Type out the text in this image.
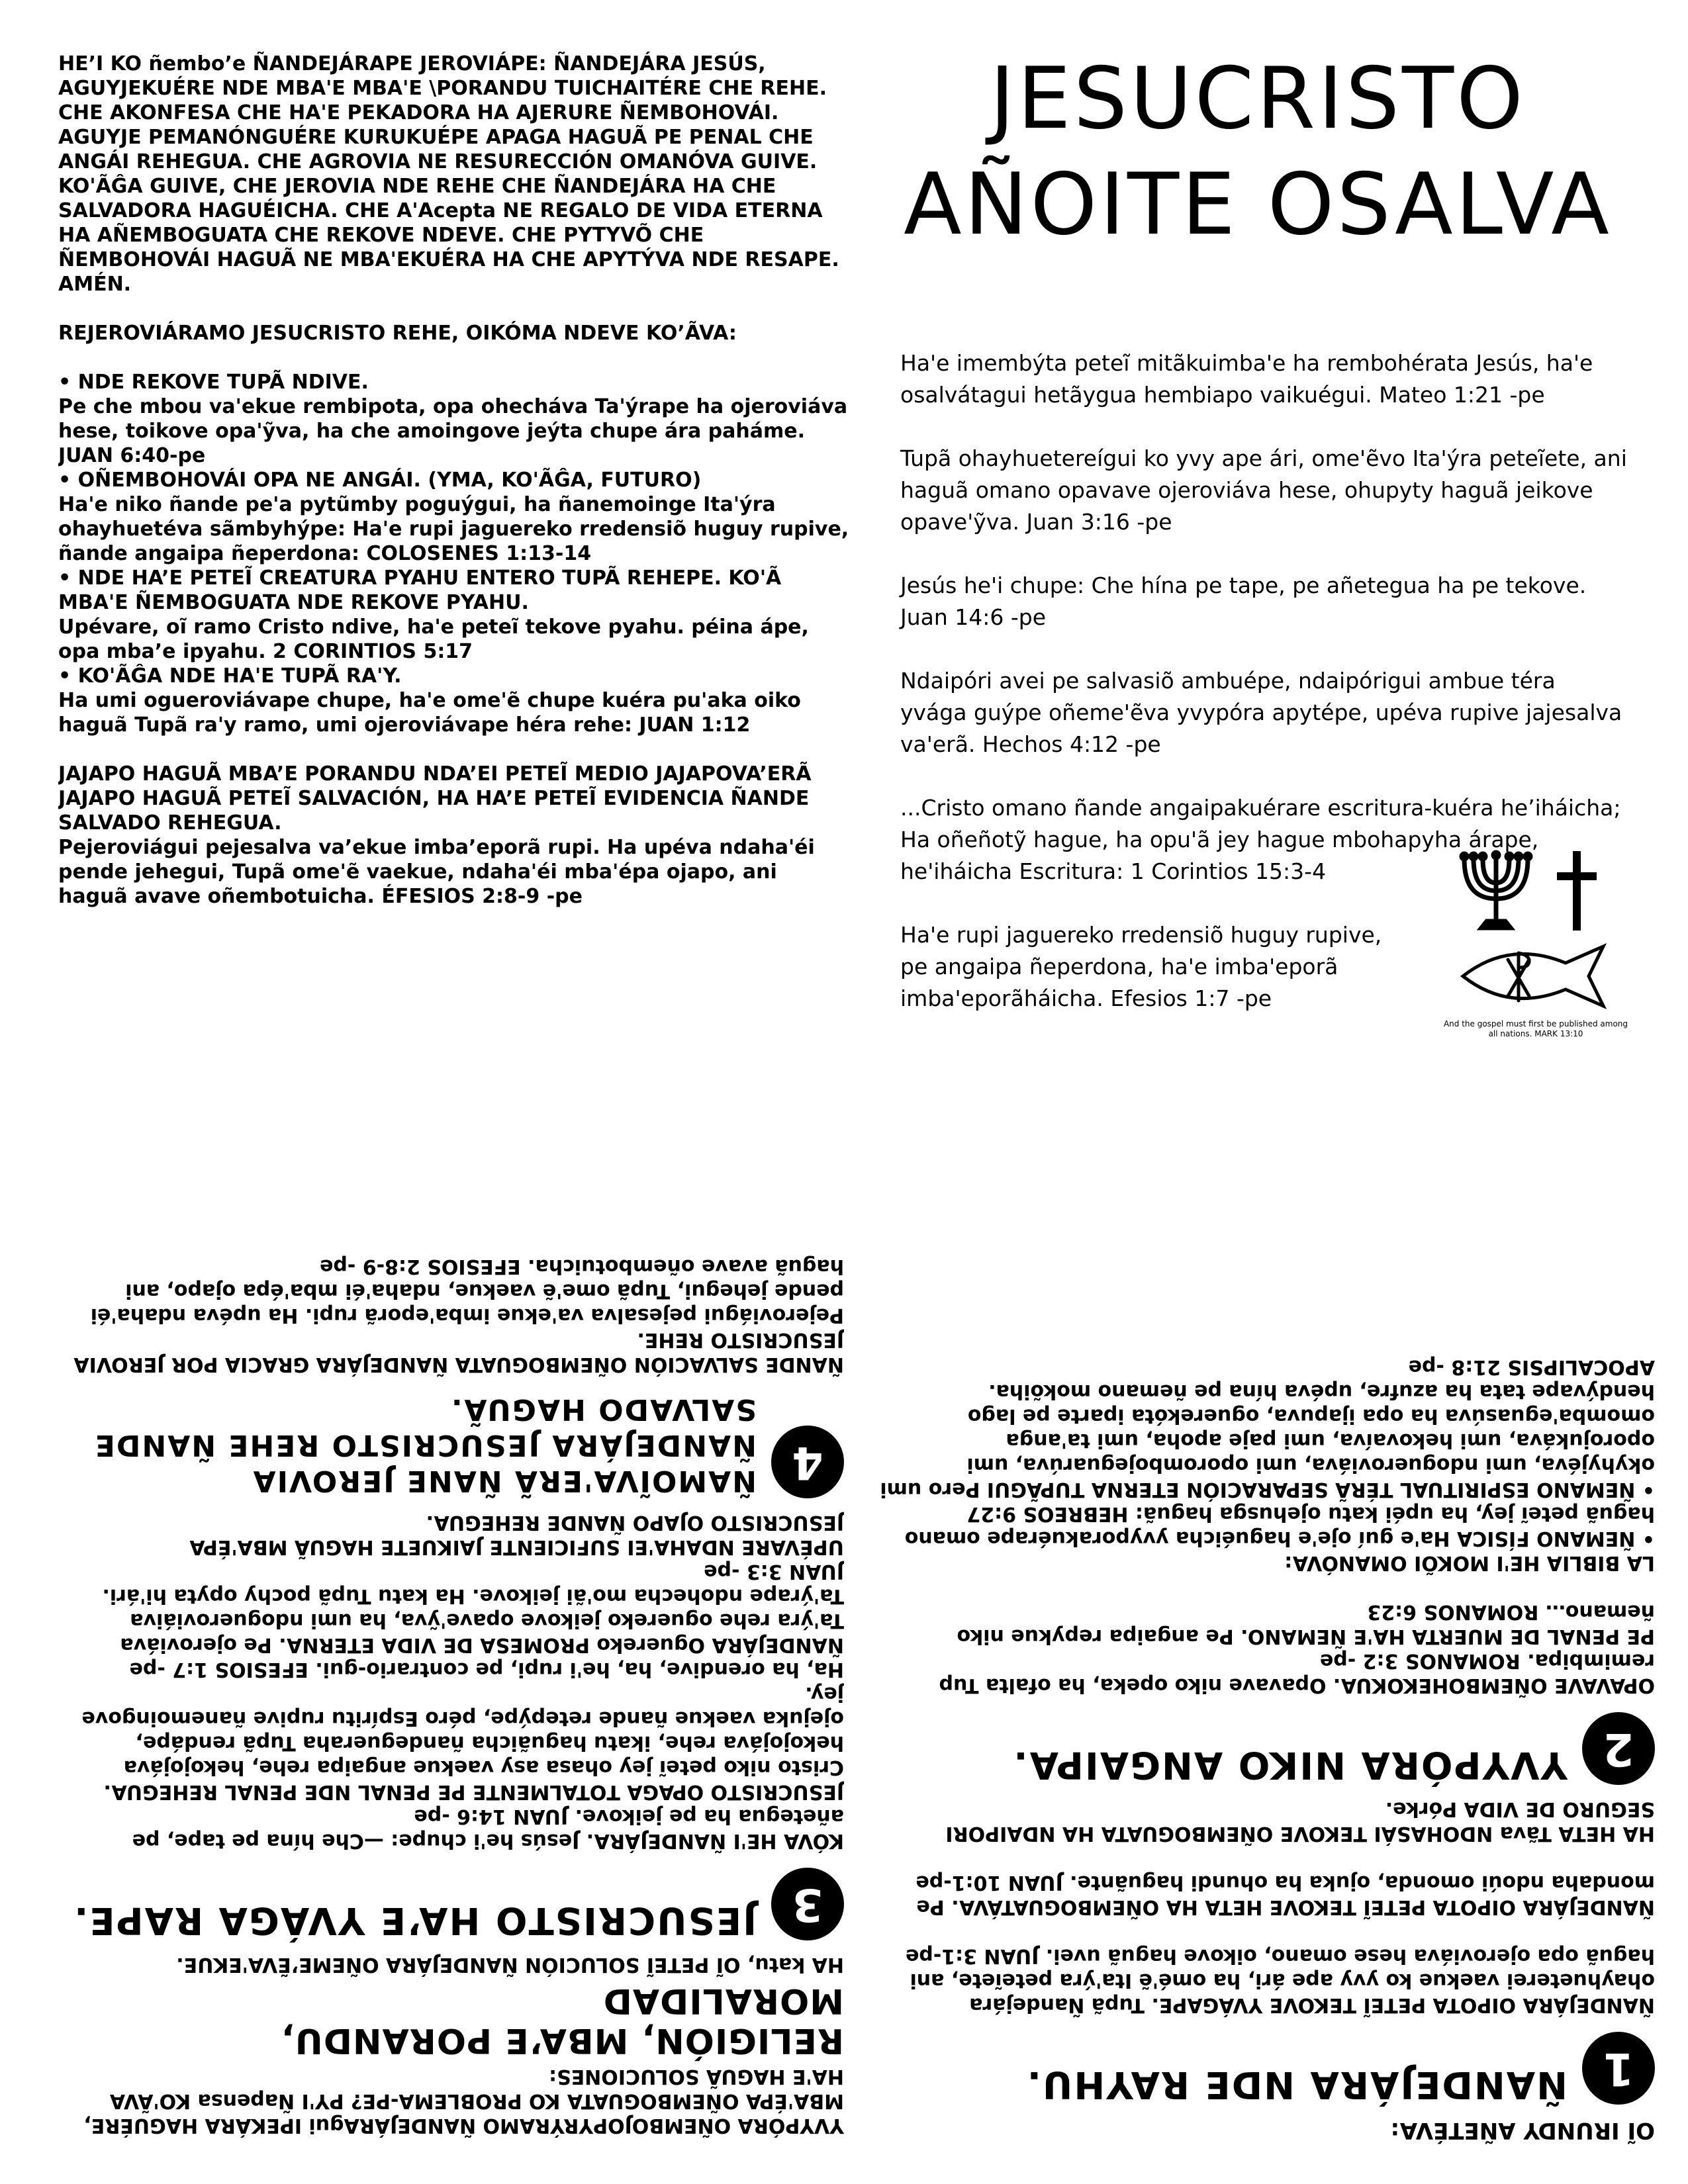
HE’I KO ñembo’e ÑANDEJÁRAPE JEROVIÁPE: ÑANDEJÁRA JESÚS, AGUYJEKUÉRE NDE MBA'E MBA'E \PORANDU TUICHAITÉRE CHE REHE. CHE AKONFESA CHE HA'E PEKADORA HA AJERURE ÑEMBOHOVÁI. AGUYJE PEMANÓNGUÉRE KURUKUÉPE APAGA HAGUÃ PE PENAL CHE ANGÁI REHEGUA. CHE AGROVIA NE RESURECCIÓN OMANÓVA GUIVE. KO'ÃĜA GUIVE, CHE JEROVIA NDE REHE CHE ÑANDEJÁRA HA CHE SALVADORA HAGUÉICHA. CHE A'Acepta NE REGALO DE VIDA ETERNA HA AÑEMBOGUATA CHE REKOVE NDEVE. CHE PYTYVÕ CHE ÑEMBOHOVÁI HAGUÃ NE MBA'EKUÉRA HA CHE APYTÝVA NDE RESAPE. AMÉN.

REJEROVIÁRAMO JESUCRISTO REHE, OIKÓMA NDEVE KO’ÃVA:

• NDE REKOVE TUPÃ NDIVE.

Pe che mbou va'ekue rembipota, opa ohecháva Ta'ýrape ha ojeroviáva hese, toikove opa'ỹva, ha che amoingove jeýta chupe ára paháme. JUAN 6:40-pe

• OÑEMBOHOVÁI OPA NE ANGÁI. (YMA, KO'ÃĜA, FUTURO)

Ha'e niko ñande pe'a pytũmby poguýgui, ha ñanemoinge Ita'ýra ohayhuetéva sãmbyhýpe: Ha'e rupi jaguereko rredensiõ huguy rupive, ñande angaipa ñeperdona: COLOSENES 1:13-14

• NDE HA’E PETEĨ CREATURA PYAHU ENTERO TUPÃ REHEPE. KO'Ã MBA'E ÑEMBOGUATA NDE REKOVE PYAHU.

Upévare, oĩ ramo Cristo ndive, ha'e peteĩ tekove pyahu. péina ápe, opa mba’e ipyahu. 2 CORINTIOS 5:17

• KO'ÃĜA NDE HA'E TUPÃ RA'Y.

Ha umi ogueroviávape chupe, ha'e ome'ẽ chupe kuéra pu'aka oiko haguã Tupã ra'y ramo, umi ojeroviávape héra rehe: JUAN 1:12

JAJAPO HAGUÃ MBA’E PORANDU NDA’EI PETEĨ MEDIO JAJAPOVA’ERÃ JAJAPO HAGUÃ PETEĨ SALVACIÓN, HA HA’E PETEĨ EVIDENCIA ÑANDE SALVADO REHEGUA.

Pejeroviágui pejesalva va’ekue imba’eporã rupi. Ha upéva ndaha'éi pende jehegui, Tupã ome'ẽ vaekue, ndaha'éi mba'épa ojapo, ani haguã avave oñembotuicha. ÉFESIOS 2:8-9 -pe

JESUCRISTO
AÑOITE OSALVA

Ha'e imembýta peteĩ mitãkuimba'e ha rembohérata Jesús, ha'e osalvátagui hetãygua hembiapo vaikuégui. Mateo 1:21 -pe

Tupã ohayhuetereígui ko yvy ape ári, ome'ẽvo Ita'ýra peteĩete, ani haguã omano opavave ojeroviáva hese, ohupyty haguã jeikove opave'ỹva. Juan 3:16 -pe

Jesús he'i chupe: Che hína pe tape, pe añetegua ha pe tekove. Juan 14:6 -pe

Ndaipóri avei pe salvasiõ ambuépe, ndaipórigui ambue téra yvága guýpe oñeme'ẽva yvypóra apytépe, upéva rupive jajesalva va'erã. Hechos 4:12 -pe

...Cristo omano ñande angaipakuérare escritura-kuéra he’iháicha; Ha oñeñotỹ hague, ha opu'ã jey hague mbohapyha árape, he'iháicha Escritura: 1 Corintios 15:3-4

Ha'e rupi jaguereko rredensiõ huguy rupive, pe angaipa ñeperdona, ha'e imba'eporã imba'eporãháicha. Efesios 1:7 -pe

And the gospel must first be published among all nations. MARK 13:10

YVYPÓRA OÑEMBOJOPYRÝRAMO ÑANDEJÁRAgui IPEKÁRA HAGUÉRE, MBA'ÉPA OÑEMBOGUATA KO PROBLEMA-PE? PY'I Ñapensa KO'ÃVA HA'E HAGUÃ SOLUCIONES:

RELIGIÓN, MBA’E PORANDU, MORALIDAD

HA katu, OĨ PETEĨ SOLUCIÓN ÑANDEJÁRA OÑEME’ẼVA'EKUE.

3
JESUCRISTO HA’E YVÁGA RAPE.

KÓVA HE'I ÑANDEJÁRA. Jesús he'i chupe: —Che hína pe tape, pe añetegua ha pe jeikove. JUAN 14:6 -pe

JESUCRISTO OPAGA TOTALMENTE PE PENAL NDE PENAL REHEGUA. Cristo niko peteĩ jey ohasa asy vaekue angaipa rehe, hekojojáva hekojojáva rehe, ikatu haguãicha ñandegueraha Tupã rendápe, ojejuka vaekue ñande retepýpe, péro Espíritu rupive ñanemoingove jey.

Ha, ha orendive, ha, he'i rupi, pe contrario-gui. EFESIOS 1:7 -pe

ÑANDEJÁRA Oguereko PROMESA DE VIDA ETERNA. Pe ojeroviáva Ta'ýra rehe oguereko jeikove opave'ỹva, ha umi ndogueroviáiva Ta'ýrape ndohecha mo'ãi jeikove. Ha katu Tupã pochy opyta hi'ári. JUAN 3:3 -pe

UPÉVARE NDAHA'EI SUFICIENTE JAIKUETE HAGUÃ MBA'ÉPA JESUCRISTO OJAPO ÑANDE REHEGUA.

4
ÑAMOĨVA'ERÃ ÑANE JEROVIA ÑANDEJÁRA JESUCRISTO REHE ÑANDE SALVADO HAGUÃ.

ÑANDE SALVACIÓN OÑEMBOGUATA ÑANDEJÁRA GRACIA POR JEROVIA JESUCRISTO REHE.

Pejeroviágui pejesalva va'ekue imba'eporã rupi. Ha upéva ndaha'éi pende jehegui, Tupã ome'ẽ vaekue, ndaha'éi mba'épa ojapo, ani haguã avave oñembotuicha. EFESIOS 2:8-9 -pe

OĨ IRUNDY AÑETÉVA:

1
ÑANDEJÁRA NDE RAYHU.

ÑANDEJÁRA OIPOTA PETEĨ TEKOVE YVÁGAPE. Tupã Ñandejára ohayhueterei vaekue ko yvy ape ári, ha omé'ẽ Ita'ýra peteĩete, ani haguã opa ojeroviáva hese omano, oikove haguã uvei. JUAN 3:1-pe

ÑANDEJÁRA OIPOTA PETEĨ TEKOVE HETA HA OÑEMBOGUATÁVA. Pe mondaha ndoúi omonda, ojuka ha ohundi haguãnte. JUAN 10:1-pe

HA HETA Tãva NDOHASÁI TEKOVE OÑEMBOGUATA HA NDAIPORI SEGURO DE VIDA Pórke.

2
YVYPÓRA NIKO ANGAIPA.

OPAVAVE OÑEMBOHEKOKUA. Opavave niko opeka, ha ofalta Tup remimbipa. ROMANOS 3:2 -pe

PE PENAL DE MUERTA HA'E ÑEMANO. Pe angaipa repykue niko ñemano… ROMANOS 6:23

LA BIBLIA HE'I MOKÕI OMANÓVA:

• ÑEMANO FÍSICA Ha'e guí oje'e haguéicha yvyporakuérape omano haguã peteĩ jey, ha upéi katu ojehusga haguã: HEBREOS 9:27

• ÑEMANO ESPIRITUAL TÉRÃ SEPARACIÓN ETERNA TUPÃGUI Pero umi okyhyjéva, umi ndogueroviáva, umi oporombojeguarúva, umi oporojukáva, umi hekovaíva, umi paje apoha, umi ta'anga omomba'eguasúva ha opa ijapuva, oguerekóta iparte pe lago hendývape tata ha azufre, upéva hína pe ñemano mokõiha. APOCALIPSIS 21:8 -pe
